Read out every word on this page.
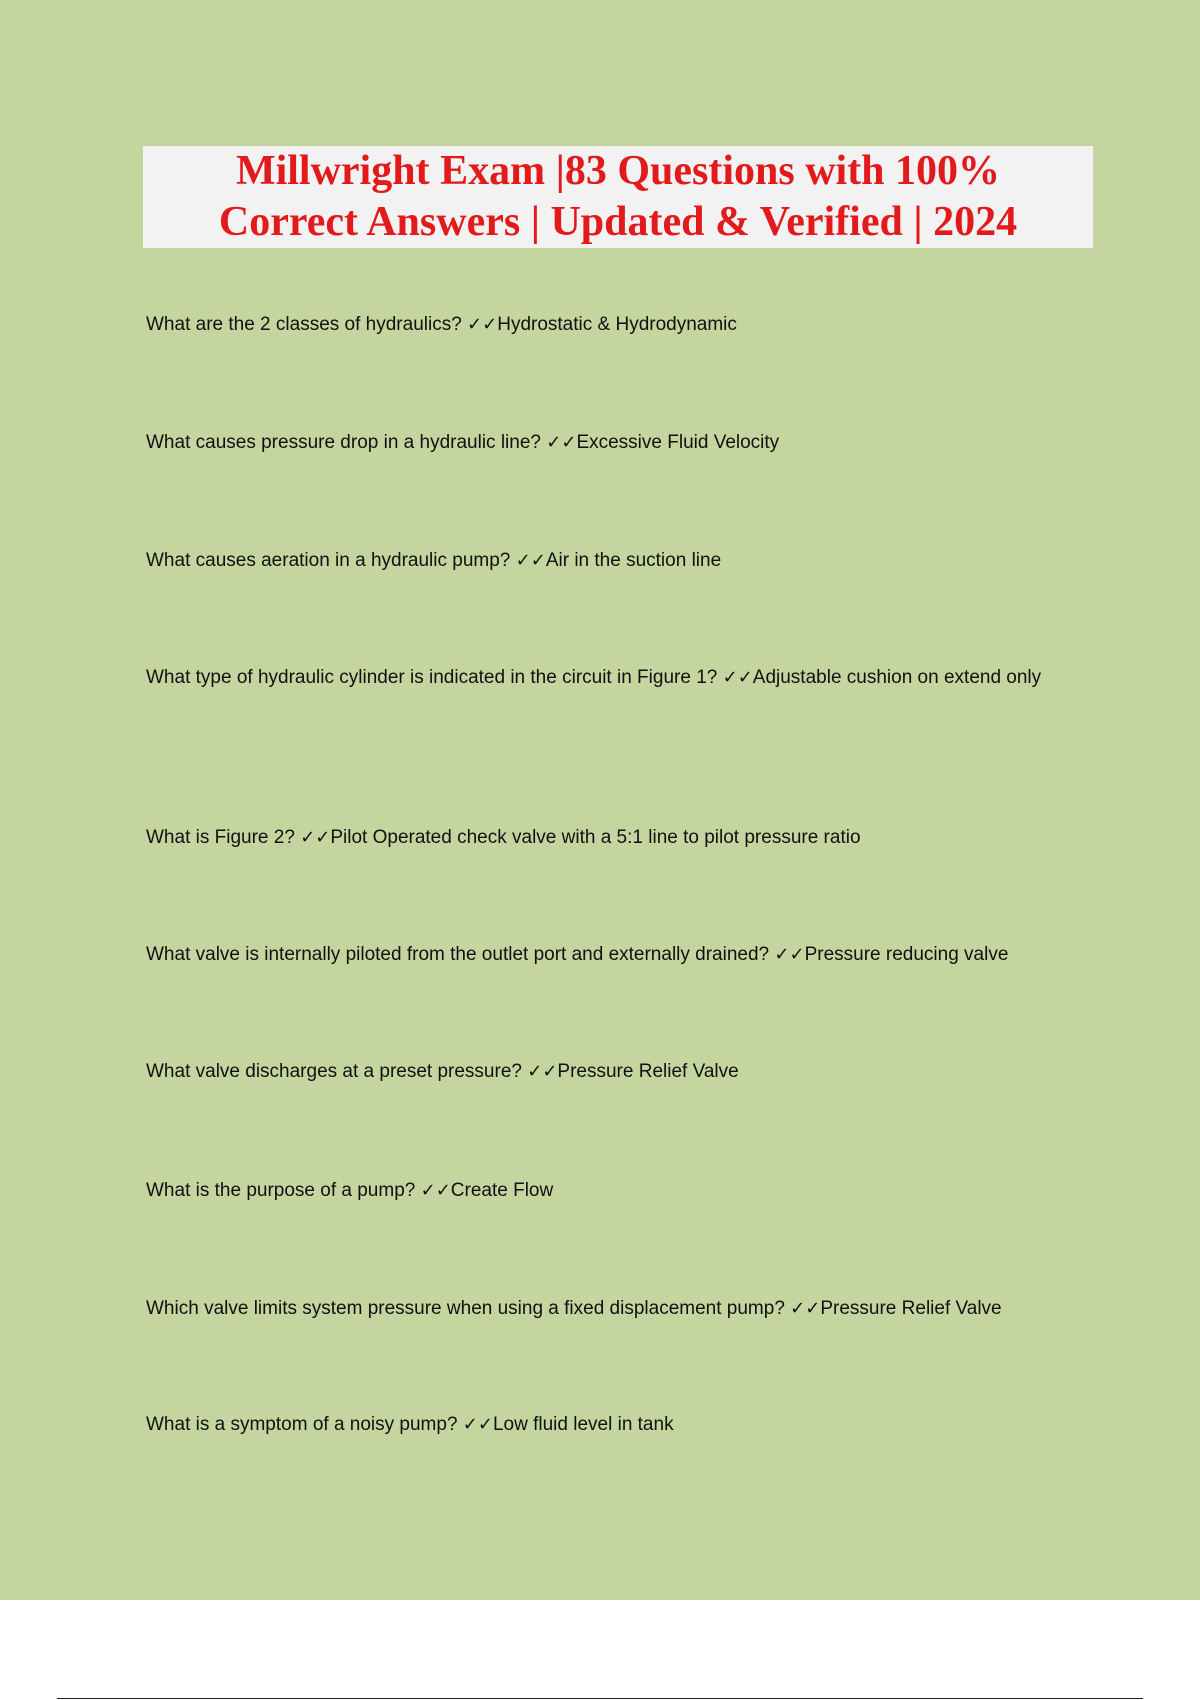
Millwright Exam |83 Questions with 100%

Correct Answers | Updated & Verified | 2024

What are the 2 classes of hydraulics? ✓✓Hydrostatic & Hydrodynamic
What causes pressure drop in a hydraulic line? ✓✓Excessive Fluid Velocity
What causes aeration in a hydraulic pump? ✓✓Air in the suction line
What type of hydraulic cylinder is indicated in the circuit in Figure 1? ✓✓Adjustable cushion on extend only
What is Figure 2? ✓✓Pilot Operated check valve with a 5:1 line to pilot pressure ratio
What valve is internally piloted from the outlet port and externally drained? ✓✓Pressure reducing valve
What valve discharges at a preset pressure? ✓✓Pressure Relief Valve
What is the purpose of a pump? ✓✓Create Flow
Which valve limits system pressure when using a fixed displacement pump? ✓✓Pressure Relief Valve
What is a symptom of a noisy pump? ✓✓Low fluid level in tank
